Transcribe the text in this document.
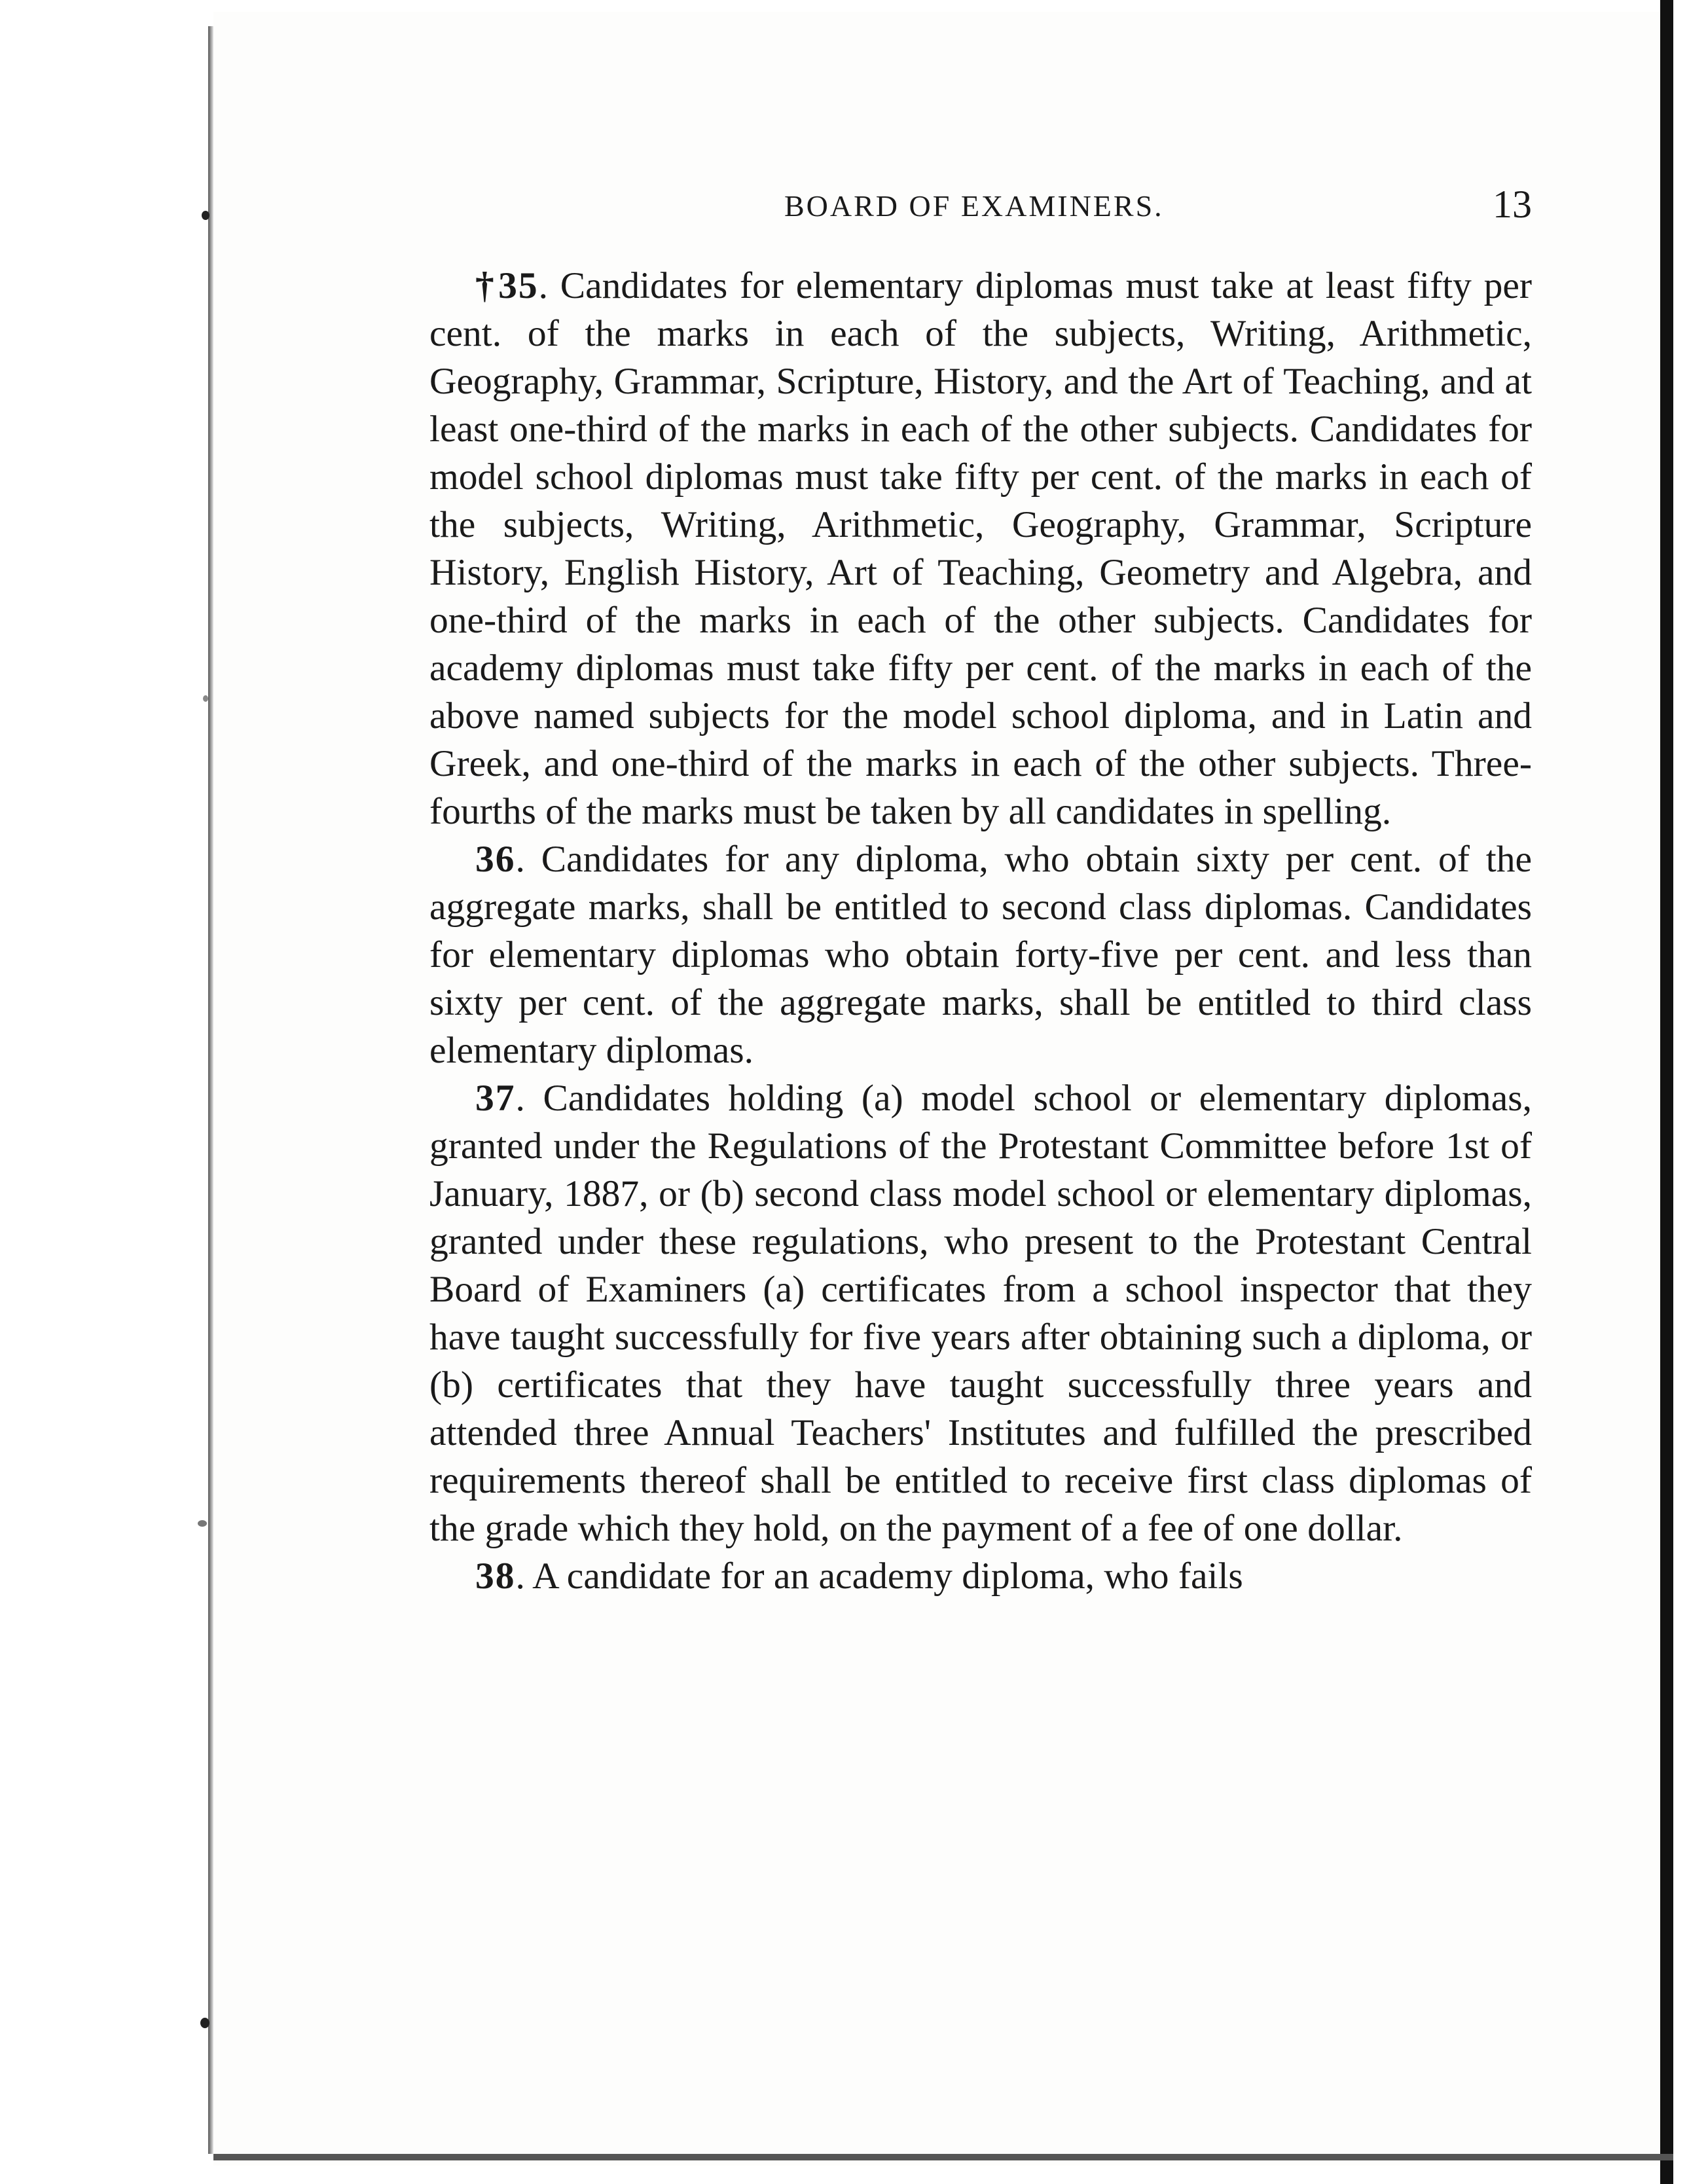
BOARD OF EXAMINERS.	13

†35. Candidates for elementary diplomas must take at least fifty per cent. of the marks in each of the subjects, Writing, Arithmetic, Geography, Grammar, Scripture, History, and the Art of Teaching, and at least one-third of the marks in each of the other subjects. Candidates for model school diplomas must take fifty per cent. of the marks in each of the subjects, Writing, Arithmetic, Geography, Grammar, Scripture History, English History, Art of Teaching, Geometry and Algebra, and one-third of the marks in each of the other subjects. Candidates for academy diplomas must take fifty per cent. of the marks in each of the above named subjects for the model school diploma, and in Latin and Greek, and one-third of the marks in each of the other subjects. Three-fourths of the marks must be taken by all candidates in spelling.

36. Candidates for any diploma, who obtain sixty per cent. of the aggregate marks, shall be entitled to second class diplomas. Candidates for elementary diplomas who obtain forty-five per cent. and less than sixty per cent. of the aggregate marks, shall be entitled to third class elementary diplomas.

37. Candidates holding (a) model school or elementary diplomas, granted under the Regulations of the Protestant Committee before 1st of January, 1887, or (b) second class model school or elementary diplomas, granted under these regulations, who present to the Protestant Central Board of Examiners (a) certificates from a school inspector that they have taught successfully for five years after obtaining such a diploma, or (b) certificates that they have taught successfully three years and attended three Annual Teachers' Institutes and fulfilled the prescribed requirements thereof shall be entitled to receive first class diplomas of the grade which they hold, on the payment of a fee of one dollar.

38. A candidate for an academy diploma, who fails
